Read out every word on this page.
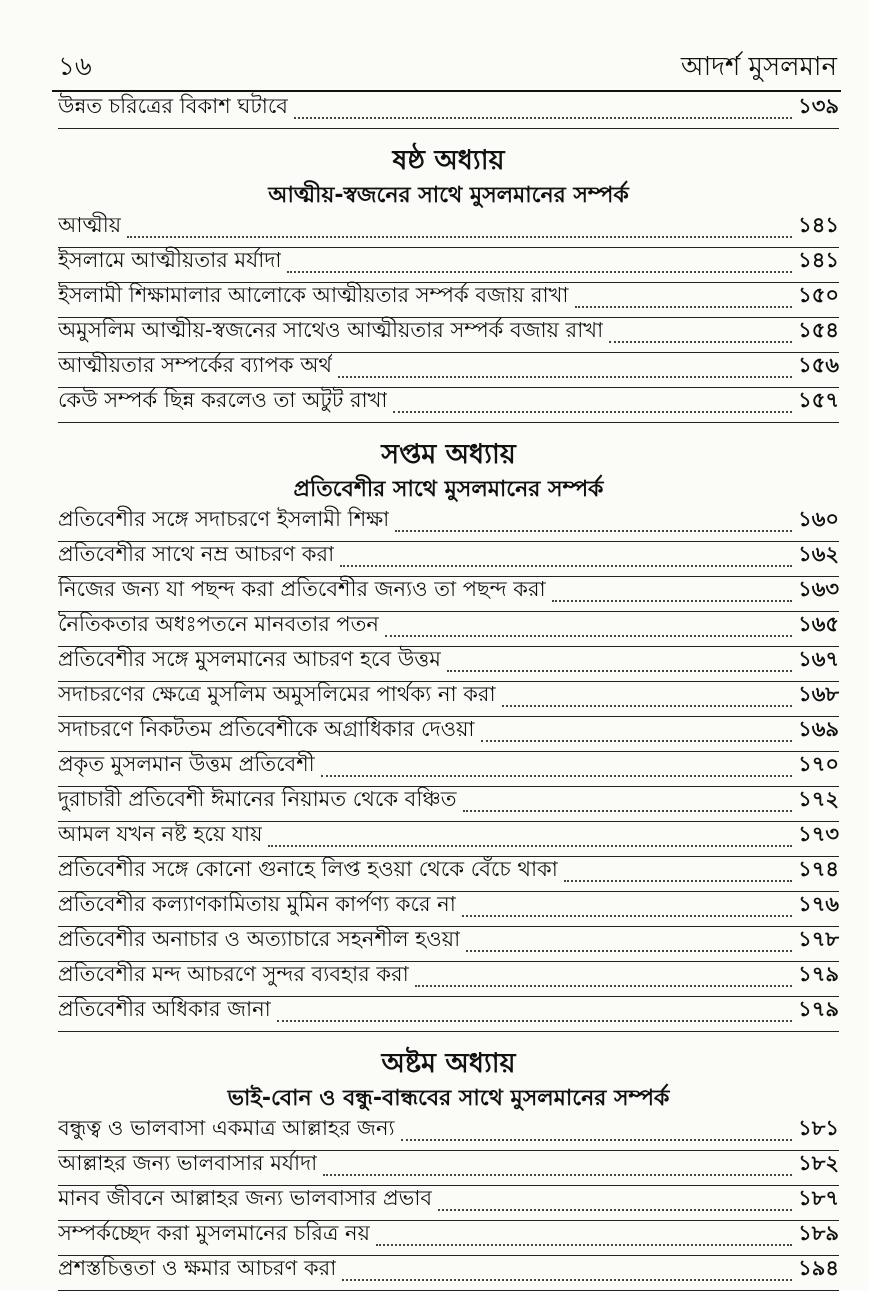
১৬	আদর্শ মুসলমান
উন্নত চরিত্রের বিকাশ ঘটাবে	১৩৯
ষষ্ঠ অধ্যায়
আত্মীয়-স্বজনের সাথে মুসলমানের সম্পর্ক
আত্মীয়	১৪১
ইসলামে আত্মীয়তার মর্যাদা	১৪১
ইসলামী শিক্ষামালার আলোকে আত্মীয়তার সম্পর্ক বজায় রাখা	১৫০
অমুসলিম আত্মীয়-স্বজনের সাথেও আত্মীয়তার সম্পর্ক বজায় রাখা	১৫৪
আত্মীয়তার সম্পর্কের ব্যাপক অর্থ	১৫৬
কেউ সম্পর্ক ছিন্ন করলেও তা অটুট রাখা	১৫৭
সপ্তম অধ্যায়
প্রতিবেশীর সাথে মুসলমানের সম্পর্ক
প্রতিবেশীর সঙ্গে সদাচরণে ইসলামী শিক্ষা	১৬০
প্রতিবেশীর সাথে নম্র আচরণ করা	১৬২
নিজের জন্য যা পছন্দ করা প্রতিবেশীর জন্যও তা পছন্দ করা	১৬৩
নৈতিকতার অধঃপতনে মানবতার পতন	১৬৫
প্রতিবেশীর সঙ্গে মুসলমানের আচরণ হবে উত্তম	১৬৭
সদাচরণের ক্ষেত্রে মুসলিম অমুসলিমের পার্থক্য না করা	১৬৮
সদাচরণে নিকটতম প্রতিবেশীকে অগ্রাধিকার দেওয়া	১৬৯
প্রকৃত মুসলমান উত্তম প্রতিবেশী	১৭০
দুরাচারী প্রতিবেশী ঈমানের নিয়ামত থেকে বঞ্চিত	১৭২
আমল যখন নষ্ট হয়ে যায়	১৭৩
প্রতিবেশীর সঙ্গে কোনো গুনাহে লিপ্ত হওয়া থেকে বেঁচে থাকা	১৭৪
প্রতিবেশীর কল্যাণকামিতায় মুমিন কার্পণ্য করে না	১৭৬
প্রতিবেশীর অনাচার ও অত্যাচারে সহনশীল হওয়া	১৭৮
প্রতিবেশীর মন্দ আচরণে সুন্দর ব্যবহার করা	১৭৯
প্রতিবেশীর অধিকার জানা	১৭৯
অষ্টম অধ্যায়
ভাই-বোন ও বন্ধু-বান্ধবের সাথে মুসলমানের সম্পর্ক
বন্ধুত্ব ও ভালবাসা একমাত্র আল্লাহর জন্য	১৮১
আল্লাহর জন্য ভালবাসার মর্যাদা	১৮২
মানব জীবনে আল্লাহর জন্য ভালবাসার প্রভাব	১৮৭
সম্পর্কচ্ছেদ করা মুসলমানের চরিত্র নয়	১৮৯
প্রশস্তচিত্ততা ও ক্ষমার আচরণ করা	১৯৪
